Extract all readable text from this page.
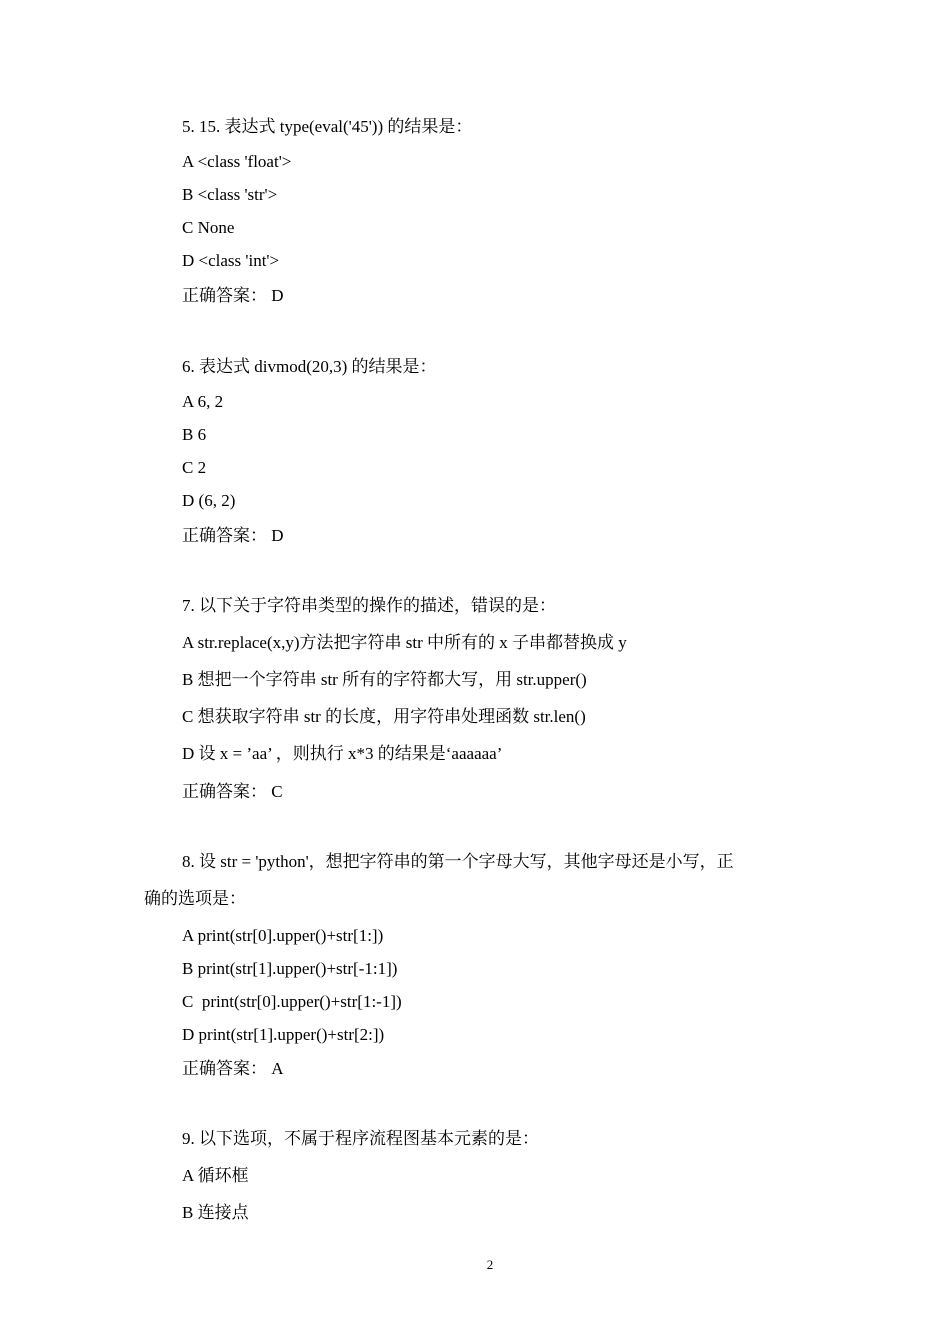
5. 15. 表达式 type(eval('45')) 的结果是：
A <class 'float'>
B <class 'str'>
C None
D <class 'int'>
正确答案： D
6. 表达式 divmod(20,3) 的结果是：
A 6, 2
B 6
C 2
D (6, 2)
正确答案： D
7. 以下关于字符串类型的操作的描述，错误的是：
A str.replace(x,y)方法把字符串 str 中所有的 x 子串都替换成 y
B 想把一个字符串 str 所有的字符都大写，用 str.upper()
C 想获取字符串 str 的长度，用字符串处理函数 str.len()
D 设 x = ’aa’ ，则执行 x*3 的结果是‘aaaaaa’
正确答案： C
8. 设 str = 'python'，想把字符串的第一个字母大写，其他字母还是小写，正
确的选项是：
A print(str[0].upper()+str[1:])
B print(str[1].upper()+str[-1:1])
C  print(str[0].upper()+str[1:-1])
D print(str[1].upper()+str[2:])
正确答案： A
9. 以下选项，不属于程序流程图基本元素的是：
A 循环框
B 连接点
2
